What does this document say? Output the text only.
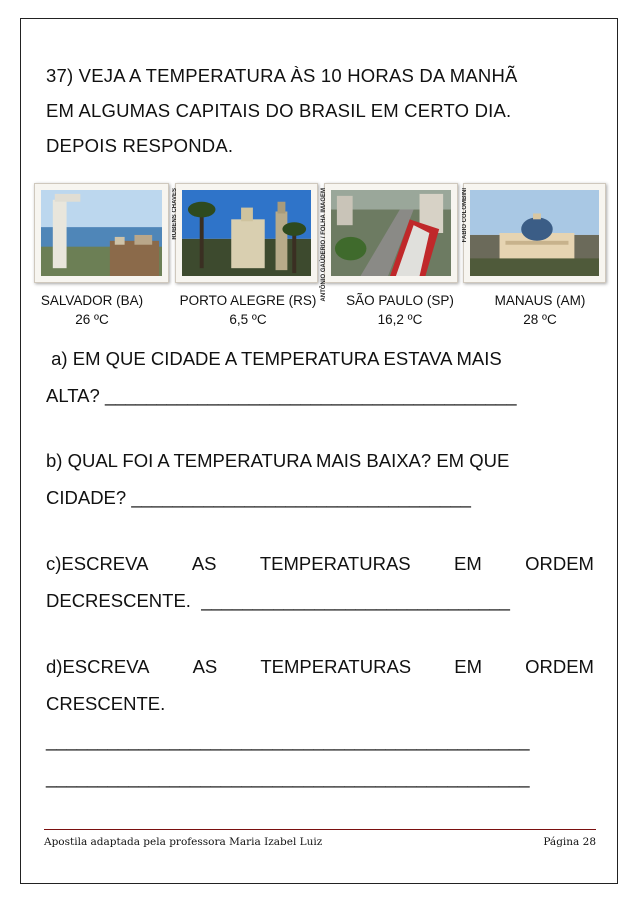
37) VEJA A TEMPERATURA ÀS 10 HORAS DA MANHÃ
EM ALGUMAS CAPITAIS DO BRASIL EM CERTO DIA.
DEPOIS RESPONDA.
RUBENS CHAVES	ANTÔNIO GAÚDERIO / FOLHA IMAGEM	FABIO COLOMBINI
SALVADOR (BA)
26 ºC
PORTO ALEGRE (RS)
6,5 ºC
SÃO PAULO (SP)
16,2 ºC
MANAUS (AM)
28 ºC
a) EM QUE CIDADE A TEMPERATURA ESTAVA MAIS
ALTA? ________________________________________
b) QUAL FOI A TEMPERATURA MAIS BAIXA? EM QUE
CIDADE? _________________________________
c)ESCREVA AS TEMPERATURAS EM ORDEM
DECRESCENTE.  ______________________________
d)ESCREVA AS TEMPERATURAS EM ORDEM
CRESCENTE.
_______________________________________________
_______________________________________________
Apostila adaptada pela professora Maria Izabel Luiz	Página 28
